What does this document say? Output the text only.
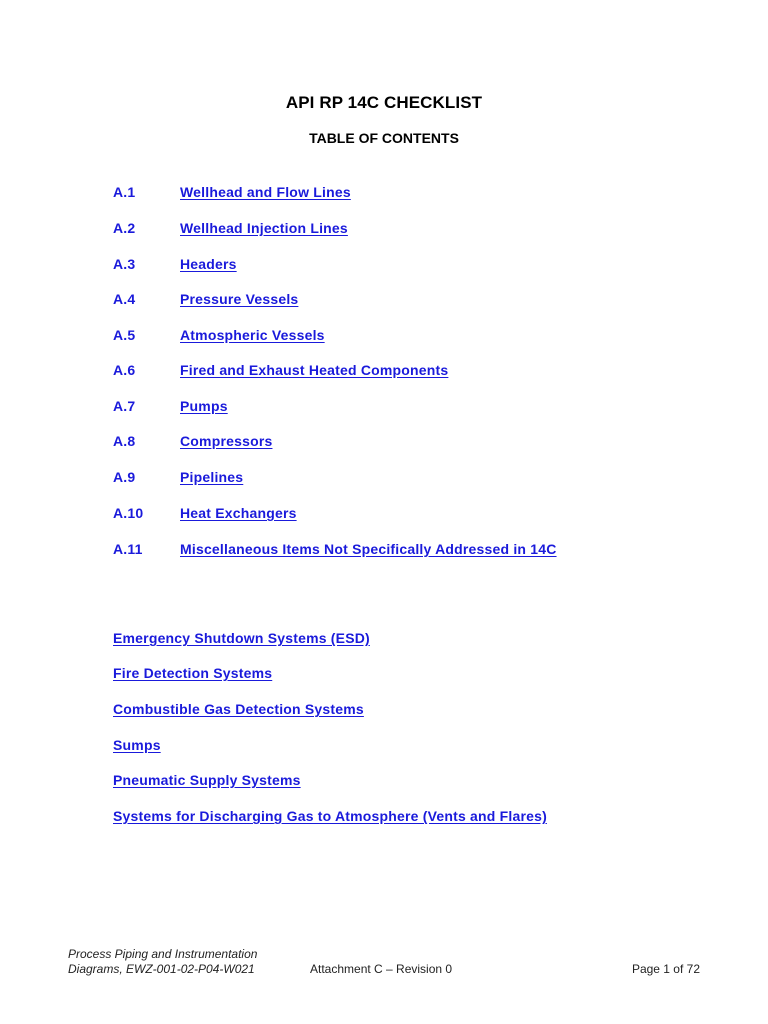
API RP 14C CHECKLIST
TABLE OF CONTENTS
A.1	Wellhead and Flow Lines
A.2	Wellhead Injection Lines
A.3	Headers
A.4	Pressure Vessels
A.5	Atmospheric Vessels
A.6	Fired and Exhaust Heated Components
A.7	Pumps
A.8	Compressors
A.9	Pipelines
A.10	Heat Exchangers
A.11	Miscellaneous Items Not Specifically Addressed in 14C
Emergency Shutdown Systems (ESD)
Fire Detection Systems
Combustible Gas Detection Systems
Sumps
Pneumatic Supply Systems
Systems for Discharging Gas to Atmosphere (Vents and Flares)
Process Piping and Instrumentation
Diagrams, EWZ-001-02-P04-W021	Attachment C – Revision 0	Page 1 of 72
